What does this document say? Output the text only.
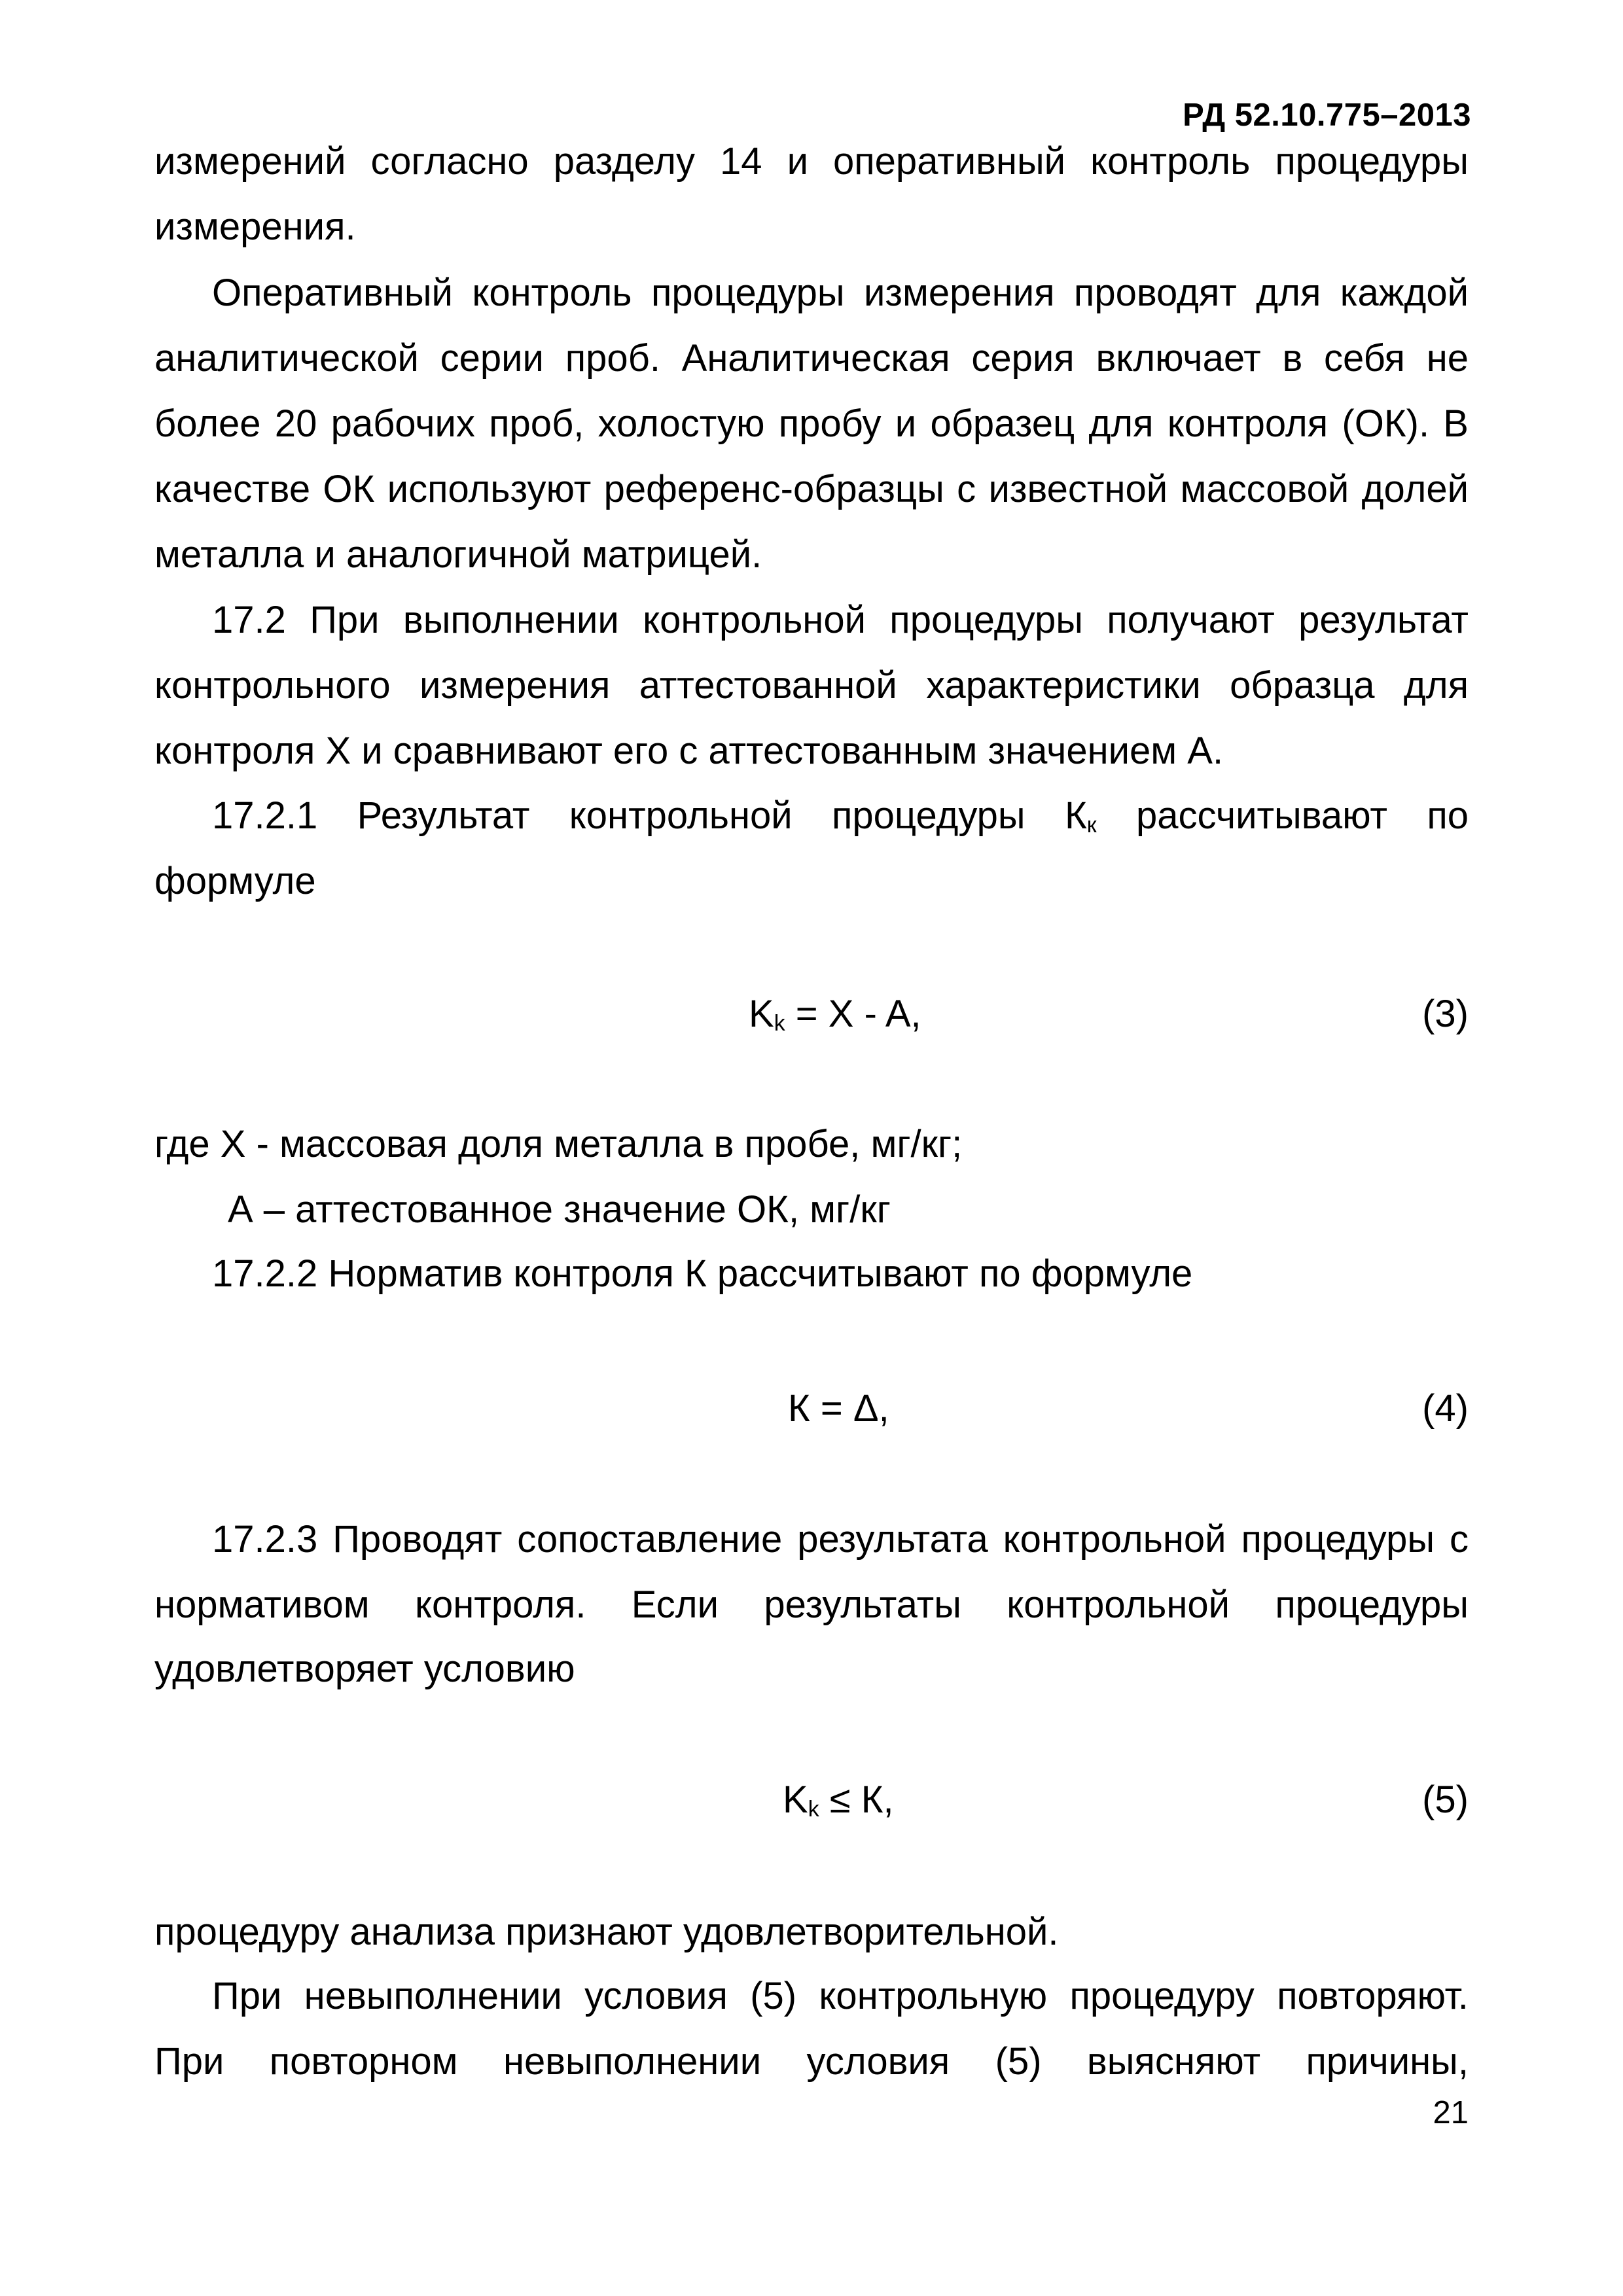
РД 52.10.775–2013
измерений согласно разделу 14 и оперативный контроль процедуры
измерения.

Оперативный контроль процедуры измерения проводят для каждой аналитической серии проб. Аналитическая серия включает в себя не более 20 рабочих проб, холостую пробу и образец для контроля (ОК). В качестве ОК используют референс-образцы с известной массовой долей металла и аналогичной матрицей.

17.2 При выполнении контрольной процедуры получают результат контрольного измерения аттестованной характеристики образца для контроля Х и сравнивают его с аттестованным значением А.

17.2.1 Результат контрольной процедуры $К_к$ рассчитывают по
формуле
$K_k = X - A$,	(3)
где Х - массовая доля металла в пробе, мг/кг;
А – аттестованное значение ОК, мг/кг
17.2.2 Норматив контроля К рассчитывают по формуле
К = Δ,	(4)
17.2.3 Проводят сопоставление результата контрольной процедуры с
нормативом контроля. Если результаты контрольной процедуры
удовлетворяет условию
$K_k \le К$,	(5)
процедуру анализа признают удовлетворительной.
При невыполнении условия (5) контрольную процедуру повторяют.
При повторном невыполнении условия (5) выясняют причины,
21
